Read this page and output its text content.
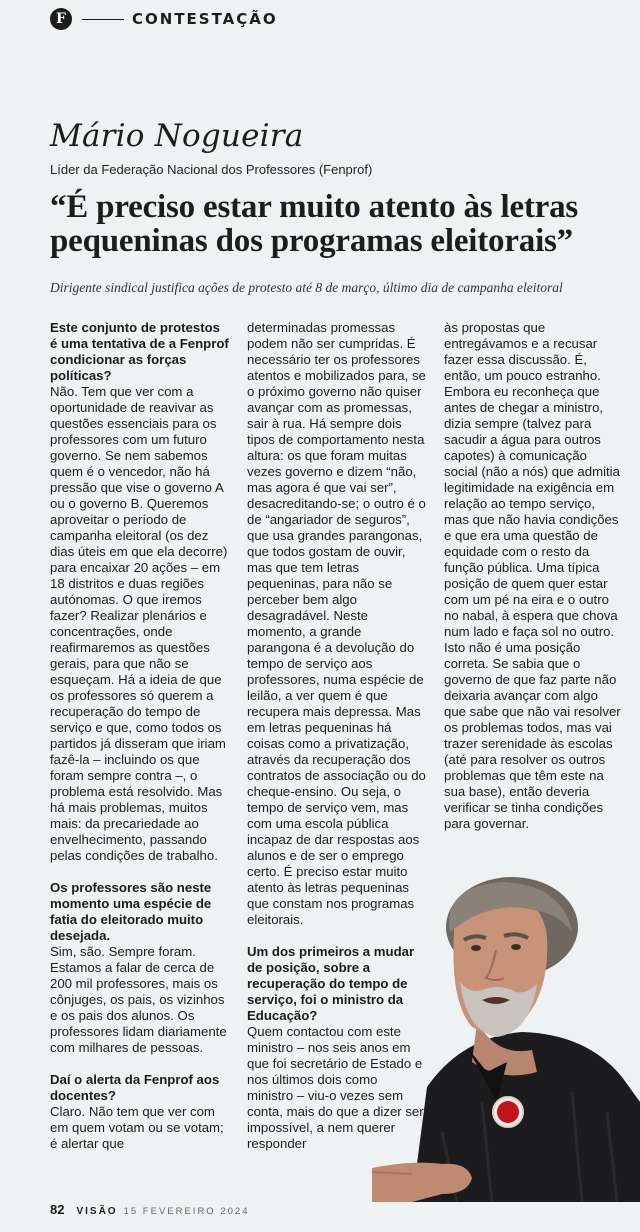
F	CONTESTAÇÃO
Mário Nogueira
Líder da Federação Nacional dos Professores (Fenprof)
“É preciso estar muito atento às letras pequeninas dos programas eleitorais”
Dirigente sindical justifica ações de protesto até 8 de março, último dia de campanha eleitoral

Este conjunto de protestos é uma tentativa de a Fenprof condicionar as forças políticas?

Não. Tem que ver com a oportunidade de reavivar as questões essenciais para os professores com um futuro governo. Se nem sabemos quem é o vencedor, não há pressão que vise o governo A ou o governo B. Queremos aproveitar o período de campanha eleitoral (os dez dias úteis em que ela decorre) para encaixar 20 ações – em 18 distritos e duas regiões autónomas. O que iremos fazer? Realizar plenários e concentrações, onde reafirmaremos as questões gerais, para que não se esqueçam. Há a ideia de que os professores só querem a recuperação do tempo de serviço e que, como todos os partidos já disseram que iriam fazê-la – incluindo os que foram sempre contra –, o problema está resolvido. Mas há mais problemas, muitos mais: da precariedade ao envelhecimento, passando pelas condições de trabalho.

Os professores são neste momento uma espécie de fatia do eleitorado muito desejada.

Sim, são. Sempre foram. Estamos a falar de cerca de 200 mil professores, mais os cônjuges, os pais, os vizinhos e os pais dos alunos. Os professores lidam diariamente com milhares de pessoas.

Daí o alerta da Fenprof aos docentes?

Claro. Não tem que ver com em quem votam ou se votam; é alertar que

determinadas promessas podem não ser cumpridas. É necessário ter os professores atentos e mobilizados para, se o próximo governo não quiser avançar com as promessas, sair à rua. Há sempre dois tipos de comportamento nesta altura: os que foram muitas vezes governo e dizem “não, mas agora é que vai ser”, desacreditando-se; o outro é o de “angariador de seguros”, que usa grandes parangonas, que todos gostam de ouvir, mas que tem letras pequeninas, para não se perceber bem algo desagradável. Neste momento, a grande parangona é a devolução do tempo de serviço aos professores, numa espécie de leilão, a ver quem é que recupera mais depressa. Mas em letras pequeninas há coisas como a privatização, através da recuperação dos contratos de associação ou do cheque-ensino. Ou seja, o tempo de serviço vem, mas com uma escola pública incapaz de dar respostas aos alunos e de ser o emprego certo. É preciso estar muito atento às letras pequeninas que constam nos programas eleitorais.

Um dos primeiros a mudar de posição, sobre a recuperação do tempo de serviço, foi o ministro da Educação?

Quem contactou com este ministro – nos seis anos em que foi secretário de Estado e nos últimos dois como ministro – viu-o vezes sem conta, mais do que a dizer ser impossível, a nem querer responder

às propostas que entregávamos e a recusar fazer essa discussão. É, então, um pouco estranho. Embora eu reconheça que antes de chegar a ministro, dizia sempre (talvez para sacudir a água para outros capotes) à comunicação social (não a nós) que admitia legitimidade na exigência em relação ao tempo serviço, mas que não havia condições e que era uma questão de equidade com o resto da função pública. Uma típica posição de quem quer estar com um pé na eira e o outro no nabal, à espera que chova num lado e faça sol no outro. Isto não é uma posição correta. Se sabia que o governo de que faz parte não deixaria avançar com algo que sabe que não vai resolver os problemas todos, mas vai trazer serenidade às escolas (até para resolver os outros problemas que têm este na sua base), então deveria verificar se tinha condições para governar.

82 VISÃO 15 FEVEREIRO 2024
